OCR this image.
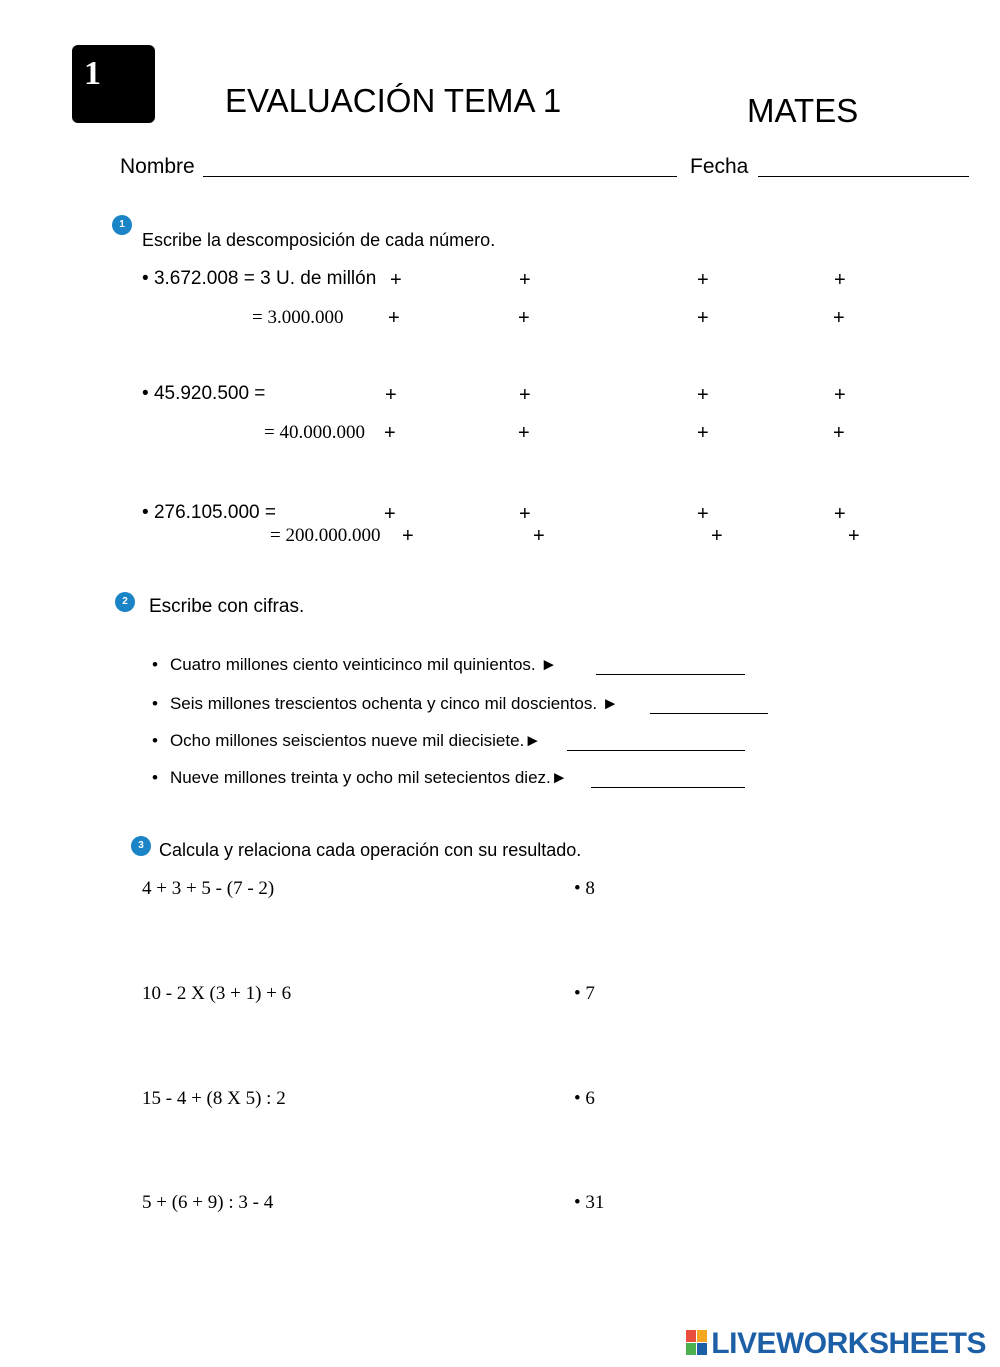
1
EVALUACIÓN TEMA 1	MATES
Nombre	Fecha
1
Escribe la descomposición de cada número.
• 3.672.008 = 3 U. de millón +	+	+	+
= 3.000.000 +	+	+	+
• 45.920.500 =	+	+	+	+
= 40.000.000 +	+	+	+
• 276.105.000 =	+	+	+	+
= 200.000.000 +	+	+	+
2	Escribe con cifras.
• Cuatro millones ciento veinticinco mil quinientos. ►
• Seis millones trescientos ochenta y cinco mil doscientos. ►
• Ocho millones seiscientos nueve mil diecisiete.►
• Nueve millones treinta y ocho mil setecientos diez.►
3 Calcula y relaciona cada operación con su resultado.
4 + 3 + 5 - (7 - 2)	• 8
10 - 2 X (3 + 1) + 6	• 7
15 - 4 + (8 X 5) : 2	• 6
5 + (6 + 9) : 3 - 4	• 31
LIVEWORKSHEETS
